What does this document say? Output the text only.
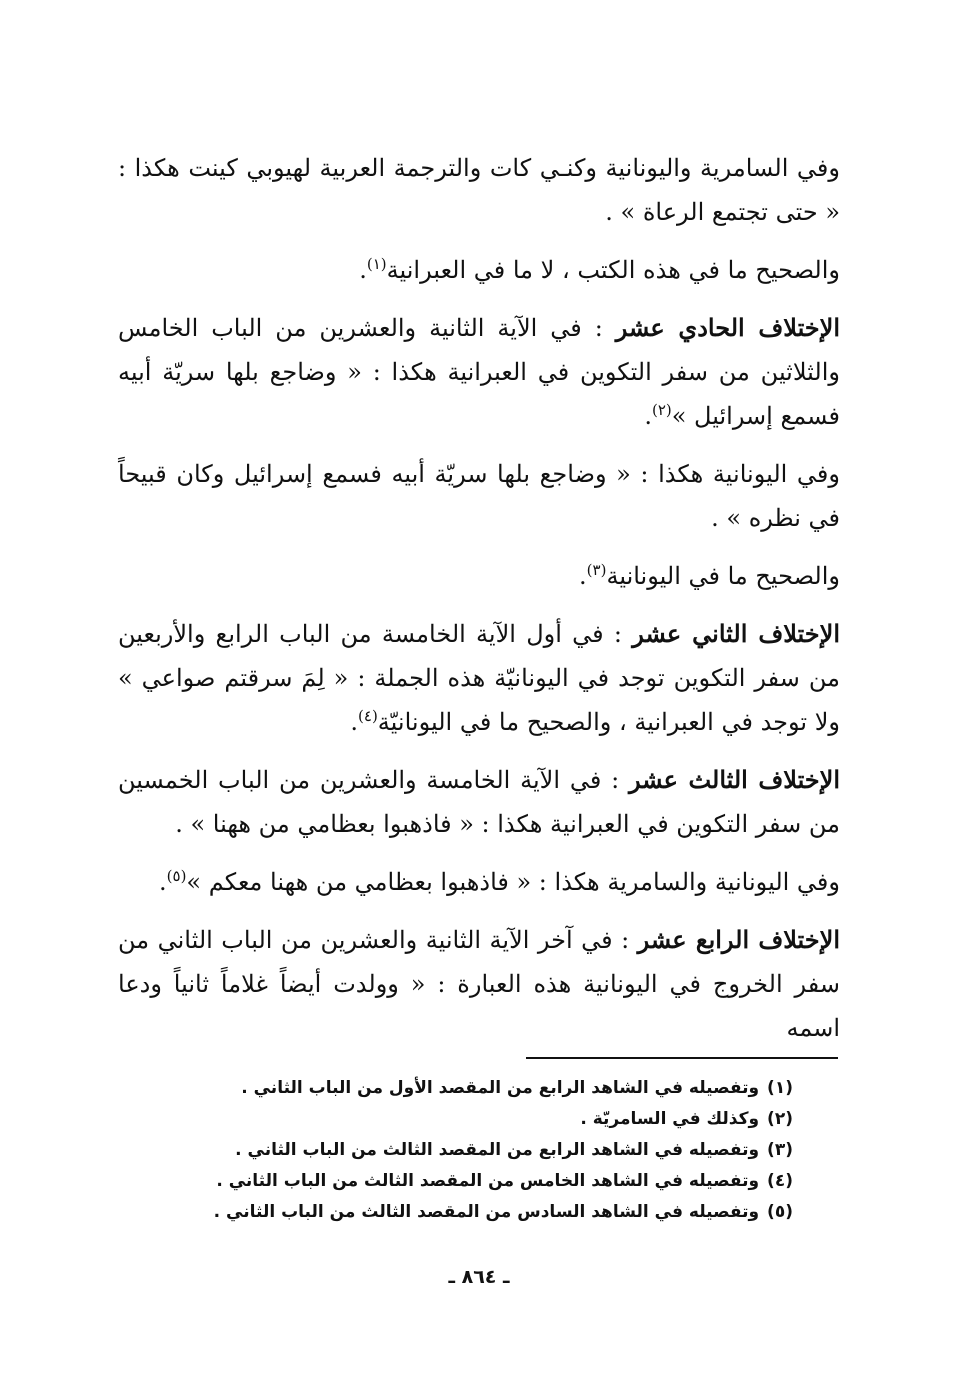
وفي السامرية واليونانية وكنـي كات والترجمة العربية لهيوبي كينت هكذا : « حتى تجتمع الرعاة » .

والصحيح ما في هذه الكتب ، لا ما في العبرانية$^{(١)}$.

الإختلاف الحادي عشر : في الآية الثانية والعشرين من الباب الخامس والثلاثين من سفر التكوين في العبرانية هكذا : « وضاجع بلها سريّة أبيه فسمع إسرائيل »$^{(٢)}$.

وفي اليونانية هكذا : « وضاجع بلها سريّة أبيه فسمع إسرائيل وكان قبيحاً في نظره » .

والصحيح ما في اليونانية$^{(٣)}$.

الإختلاف الثاني عشر : في أول الآية الخامسة من الباب الرابع والأربعين من سفر التكوين توجد في اليونانيّة هذه الجملة : « لِمَ سرقتم صواعي » ولا توجد في العبرانية ، والصحيح ما في اليونانيّة$^{(٤)}$.

الإختلاف الثالث عشر : في الآية الخامسة والعشرين من الباب الخمسين من سفر التكوين في العبرانية هكذا : « فاذهبوا بعظامي من ههنا » .

وفي اليونانية والسامرية هكذا : « فاذهبوا بعظامي من ههنا معكم »$^{(٥)}$.

الإختلاف الرابع عشر : في آخر الآية الثانية والعشرين من الباب الثاني من سفر الخروج في اليونانية هذه العبارة : « وولدت أيضاً غلاماً ثانياً ودعا اسمه

(١)
وتفصيله في الشاهد الرابع من المقصد الأول من الباب الثاني .
(٢)
وكذلك في السامريّة .
(٣)
وتفصيله في الشاهد الرابع من المقصد الثالث من الباب الثاني .
(٤)
وتفصيله في الشاهد الخامس من المقصد الثالث من الباب الثاني .
(٥)
وتفصيله في الشاهد السادس من المقصد الثالث من الباب الثاني .
ـ ٨٦٤ ـ
